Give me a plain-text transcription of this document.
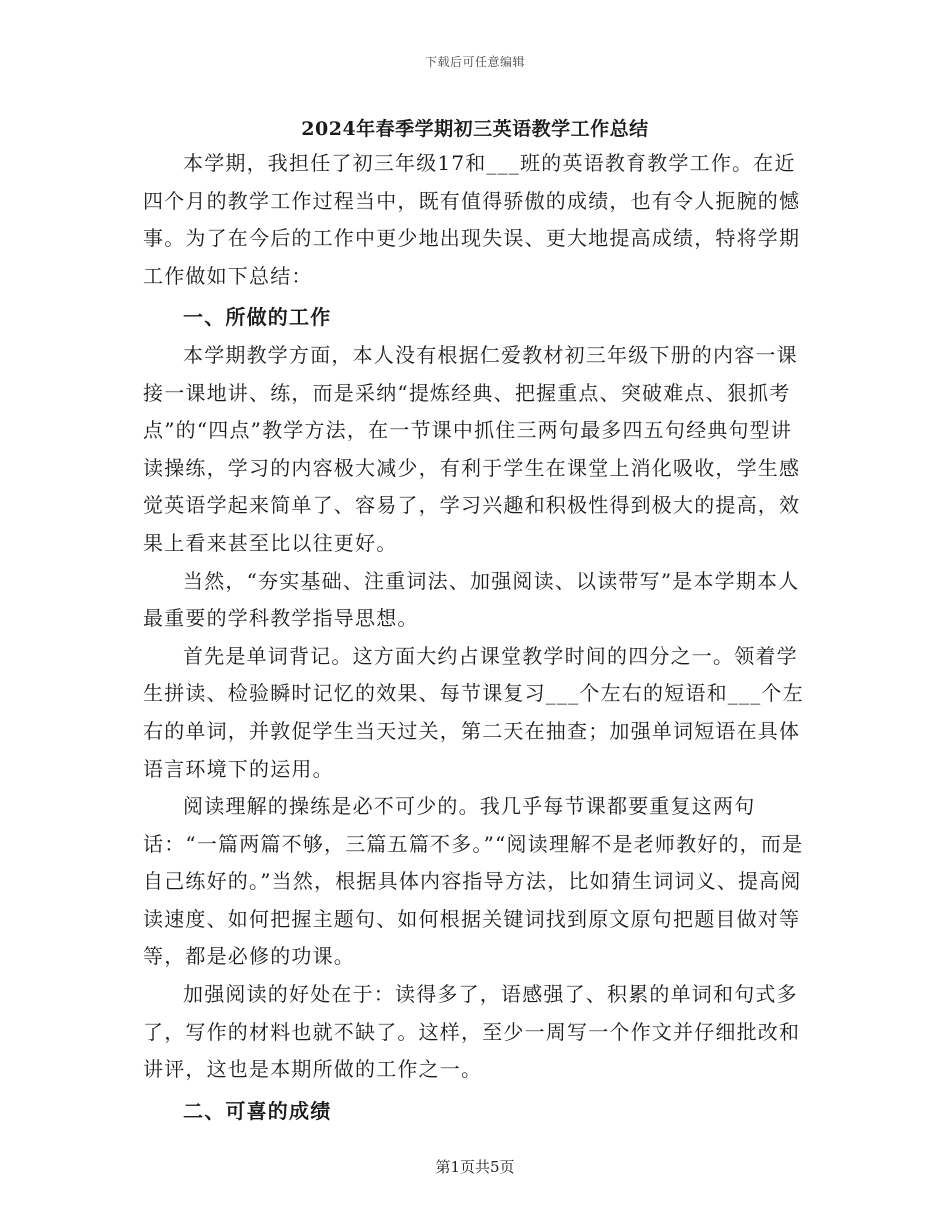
下载后可任意编辑
2024年春季学期初三英语教学工作总结

本学期，我担任了初三年级17和___班的英语教育教学工作。在近四个月的教学工作过程当中，既有值得骄傲的成绩，也有令人扼腕的憾事。为了在今后的工作中更少地出现失误、更大地提高成绩，特将学期工作做如下总结：

一、所做的工作

本学期教学方面，本人没有根据仁爱教材初三年级下册的内容一课接一课地讲、练，而是采纳“提炼经典、把握重点、突破难点、狠抓考点”的“四点”教学方法，在一节课中抓住三两句最多四五句经典句型讲读操练，学习的内容极大减少，有利于学生在课堂上消化吸收，学生感觉英语学起来简单了、容易了，学习兴趣和积极性得到极大的提高，效果上看来甚至比以往更好。

当然，“夯实基础、注重词法、加强阅读、以读带写”是本学期本人最重要的学科教学指导思想。

首先是单词背记。这方面大约占课堂教学时间的四分之一。领着学生拼读、检验瞬时记忆的效果、每节课复习___个左右的短语和___个左右的单词，并敦促学生当天过关，第二天在抽查；加强单词短语在具体语言环境下的运用。

阅读理解的操练是必不可少的。我几乎每节课都要重复这两句话：“一篇两篇不够，三篇五篇不多。”“阅读理解不是老师教好的，而是自己练好的。”当然，根据具体内容指导方法，比如猜生词词义、提高阅读速度、如何把握主题句、如何根据关键词找到原文原句把题目做对等等，都是必修的功课。

加强阅读的好处在于：读得多了，语感强了、积累的单词和句式多了，写作的材料也就不缺了。这样，至少一周写一个作文并仔细批改和讲评，这也是本期所做的工作之一。

二、可喜的成绩
第1页共5页
